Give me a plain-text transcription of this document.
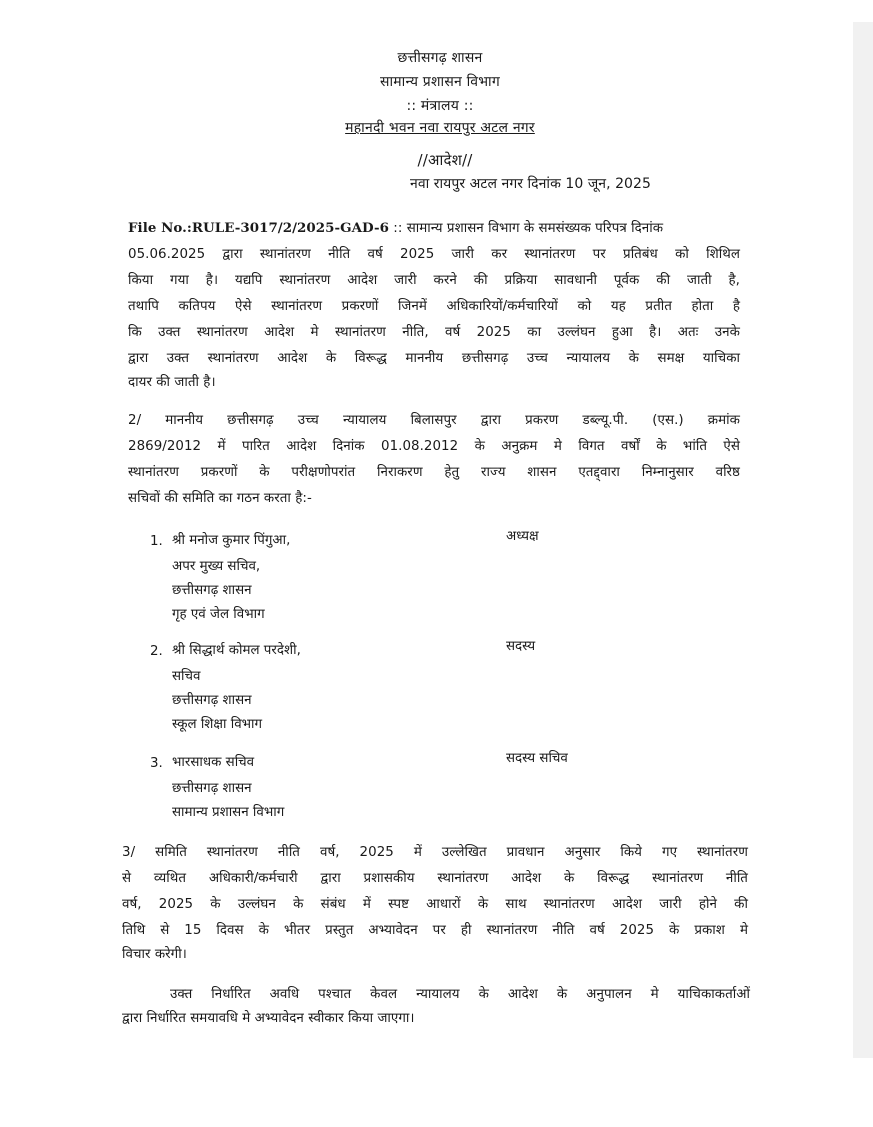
छत्तीसगढ़ शासन
सामान्य प्रशासन विभाग
:: मंत्रालय ::
महानदी भवन नवा रायपुर अटल नगर
//आदेश//
नवा रायपुर अटल नगर दिनांक 10 जून, 2025
File No.:RULE-3017/2/2025-GAD-6 :: सामान्य प्रशासन विभाग के समसंख्यक परिपत्र दिनांक
05.06.2025 द्वारा स्थानांतरण नीति वर्ष 2025 जारी कर स्थानांतरण पर प्रतिबंध को शिथिल
किया गया है। यद्यपि स्थानांतरण आदेश जारी करने की प्रक्रिया सावधानी पूर्वक की जाती है,
तथापि कतिपय ऐसे स्थानांतरण प्रकरणों जिनमें अधिकारियों/कर्मचारियों को यह प्रतीत होता है
कि उक्त स्थानांतरण आदेश मे स्थानांतरण नीति, वर्ष 2025 का उल्लंघन हुआ है। अतः उनके
द्वारा उक्त स्थानांतरण आदेश के विरूद्ध माननीय छत्तीसगढ़ उच्च न्यायालय के समक्ष याचिका
दायर की जाती है।
2/ माननीय छत्तीसगढ़ उच्च न्यायालय बिलासपुर द्वारा प्रकरण डब्ल्यू.पी. (एस.) क्रमांक
2869/2012 में पारित आदेश दिनांक 01.08.2012 के अनुक्रम मे विगत वर्षों के भांति ऐसे
स्थानांतरण प्रकरणों के परीक्षणोपरांत निराकरण हेतु राज्य शासन एतद्द्वारा निम्नानुसार वरिष्ठ
सचिवों की समिति का गठन करता है:-
1. श्री मनोज कुमार पिंगुआ,
अपर मुख्य सचिव,
छत्तीसगढ़ शासन
गृह एवं जेल विभाग
अध्यक्ष
2. श्री सिद्धार्थ कोमल परदेशी,
सचिव
छत्तीसगढ़ शासन
स्कूल शिक्षा विभाग
सदस्य
3. भारसाधक सचिव
छत्तीसगढ़ शासन
सामान्य प्रशासन विभाग
सदस्य सचिव
3/ समिति स्थानांतरण नीति वर्ष, 2025 में उल्लेखित प्रावधान अनुसार किये गए स्थानांतरण
से व्यथित अधिकारी/कर्मचारी द्वारा प्रशासकीय स्थानांतरण आदेश के विरूद्ध स्थानांतरण नीति
वर्ष, 2025 के उल्लंघन के संबंध में स्पष्ट आधारों के साथ स्थानांतरण आदेश जारी होने की
तिथि से 15 दिवस के भीतर प्रस्तुत अभ्यावेदन पर ही स्थानांतरण नीति वर्ष 2025 के प्रकाश मे
विचार करेगी।
उक्त निर्धारित अवधि पश्चात केवल न्यायालय के आदेश के अनुपालन मे याचिकाकर्ताओं
द्वारा निर्धारित समयावधि मे अभ्यावेदन स्वीकार किया जाएगा।
